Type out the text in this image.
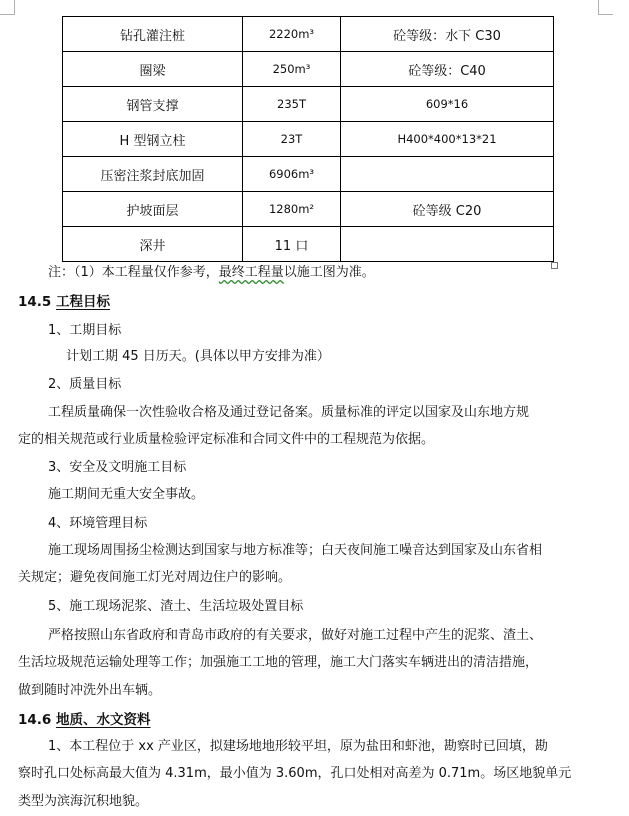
钻孔灌注桩	2220m³	砼等级：水下 C30
圈梁	250m³	砼等级：C40
钢管支撑	235T	609*16
H 型钢立柱	23T	H400*400*13*21
压密注浆封底加固	6906m³	
护坡面层	1280m²	砼等级 C20
深井	11 口	
注：（1）本工程量仅作参考，最终工程量以施工图为准。
14.5 工程目标
1、工期目标
计划工期 45 日历天。(具体以甲方安排为准）
2、质量目标
工程质量确保一次性验收合格及通过登记备案。质量标准的评定以国家及山东地方规
定的相关规范或行业质量检验评定标准和合同文件中的工程规范为依据。
3、安全及文明施工目标
施工期间无重大安全事故。
4、环境管理目标
施工现场周围扬尘检测达到国家与地方标准等；白天夜间施工噪音达到国家及山东省相
关规定；避免夜间施工灯光对周边住户的影响。
5、施工现场泥浆、渣土、生活垃圾处置目标
严格按照山东省政府和青岛市政府的有关要求，做好对施工过程中产生的泥浆、渣土、
生活垃圾规范运输处理等工作；加强施工工地的管理，施工大门落实车辆进出的清洁措施，
做到随时冲洗外出车辆。
14.6 地质、水文资料
1、本工程位于 xx 产业区，拟建场地地形较平坦，原为盐田和虾池，勘察时已回填，勘
察时孔口处标高最大值为 4.31m，最小值为 3.60m，孔口处相对高差为 0.71m。场区地貌单元
类型为滨海沉积地貌。
